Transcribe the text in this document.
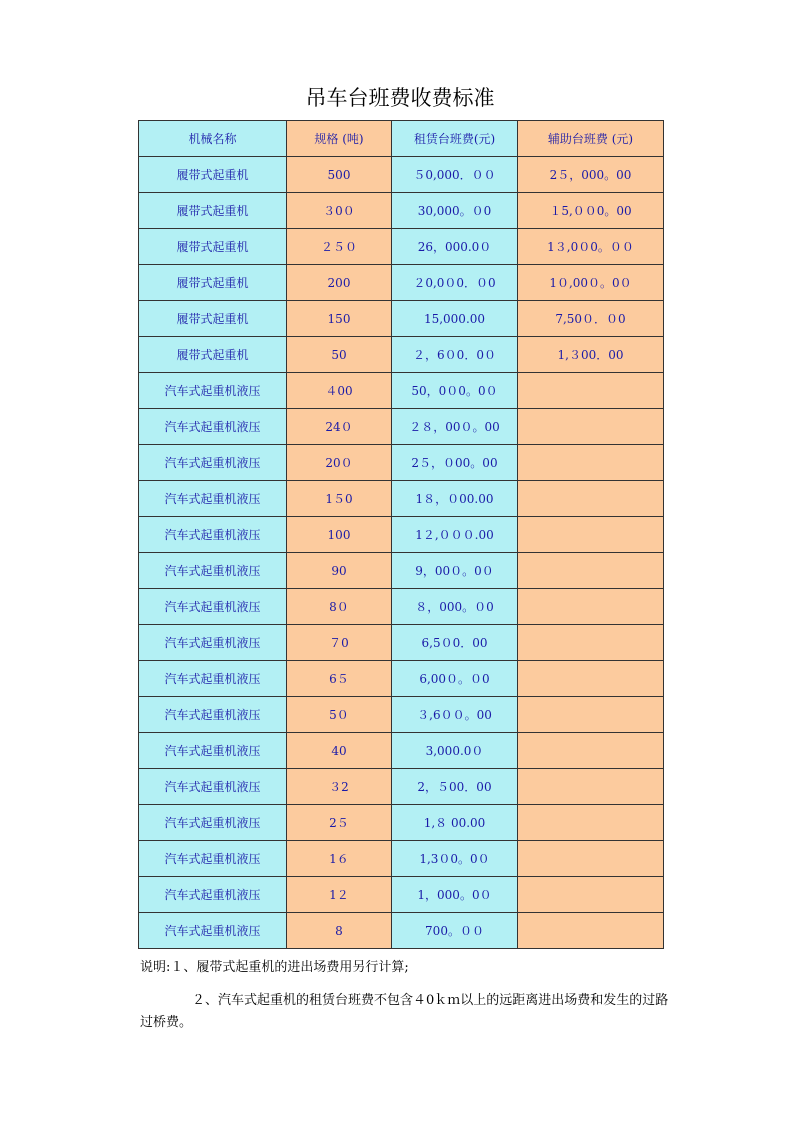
吊车台班费收费标准
机械名称	规格 (吨)	租赁台班费(元)	辅助台班费 (元)
履带式起重机	500	５0,000．００	2５，000。00
履带式起重机	３0０	30,000。０0	１5,００0。00
履带式起重机	２５０	26，000.0０	1３,0０0。００
履带式起重机	200	２0,0０0．０0	1０,00０。0０
履带式起重机	150	15,000.00	7,50０．０0
履带式起重机	50	２，6０0．0０	1,３00．00
汽车式起重机液压	４00	50，0０0。0０	
汽车式起重机液压	24０	２８，00０。00	
汽车式起重机液压	20０	2５，０00。00	
汽车式起重机液压	1５0	1８，０00.00	
汽车式起重机液压	100	1２,０００.00	
汽车式起重机液压	90	9，00０。0０	
汽车式起重机液压	8０	８，000。０0	
汽车式起重机液压	７0	6,5０0．00	
汽车式起重机液压	6５	6,00０。０0	
汽车式起重机液压	5０	３,6００。00	
汽车式起重机液压	40	3,000.0０	
汽车式起重机液压	３2	2，５00．00	
汽车式起重机液压	2５	1,８ 00.00	
汽车式起重机液压	1６	1,3０0。0０	
汽车式起重机液压	1２	1，000。0０	
汽车式起重机液压	8	700。００	
说明:１、履带式起重机的进出场费用另行计算;
２、汽车式起重机的租赁台班费不包含４0ｋｍ以上的远距离进出场费和发生的过路过桥费。
